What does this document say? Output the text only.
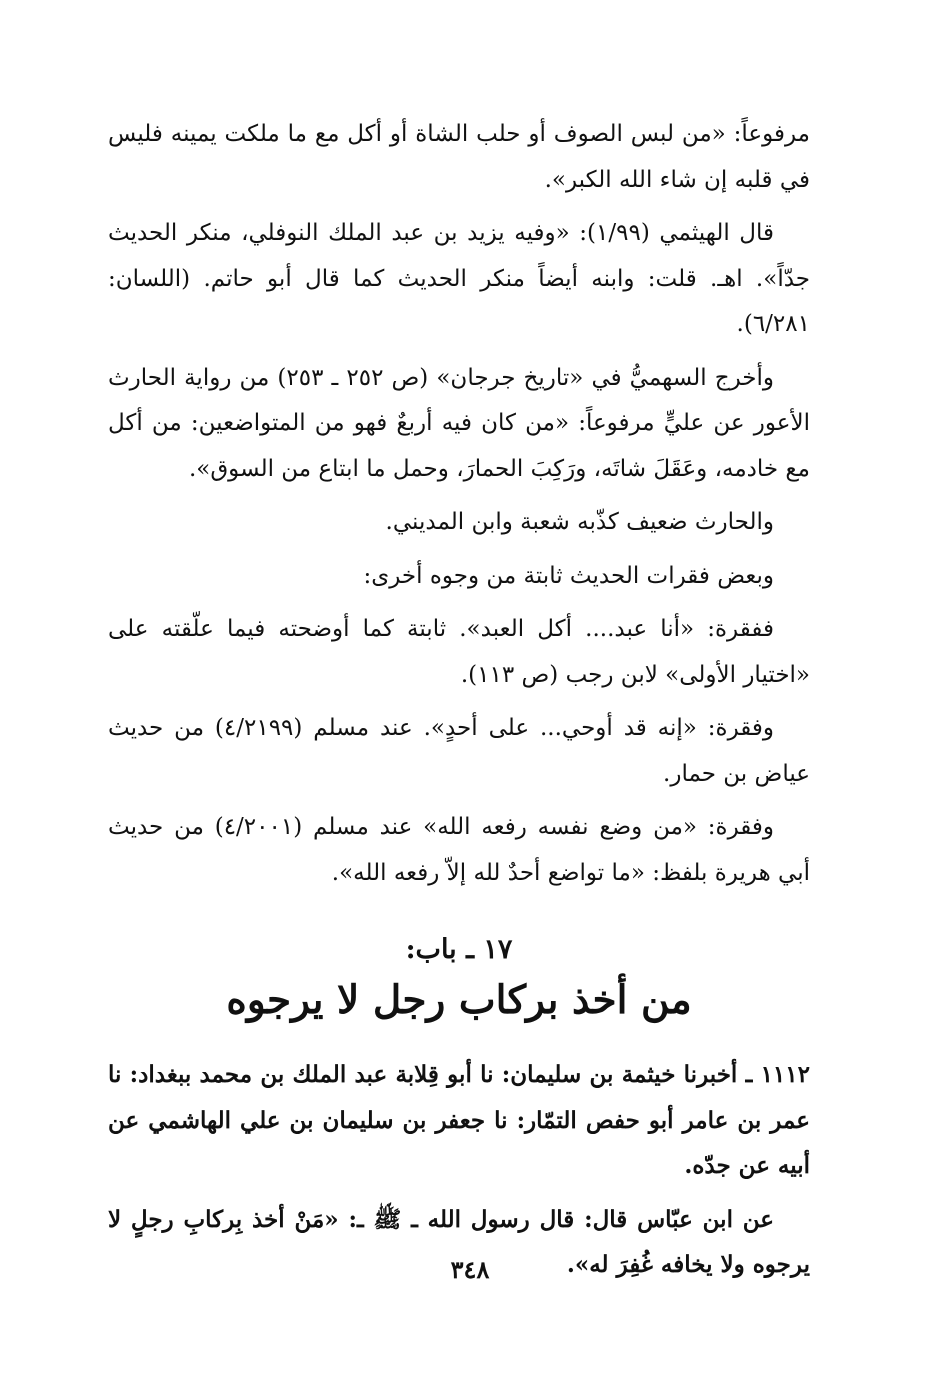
مرفوعاً: «من لبس الصوف أو حلب الشاة أو أكل مع ما ملكت يمينه فليس في قلبه إن شاء الله الكبر».

قال الهيثمي (١/٩٩): «وفيه يزيد بن عبد الملك النوفلي، منكر الحديث جدّاً». اهـ. قلت: وابنه أيضاً منكر الحديث كما قال أبو حاتم. (اللسان: ٦/٢٨١).

وأخرج السهميُّ في «تاريخ جرجان» (ص ٢٥٢ ـ ٢٥٣) من رواية الحارث الأعور عن عليٍّ مرفوعاً: «من كان فيه أربعٌ فهو من المتواضعين: من أكل مع خادمه، وعَقَلَ شاتَه، ورَكِبَ الحمارَ، وحمل ما ابتاع من السوق».

والحارث ضعيف كذّبه شعبة وابن المديني.

وبعض فقرات الحديث ثابتة من وجوه أخرى:

ففقرة: «أنا عبد.... أكل العبد». ثابتة كما أوضحته فيما علّقته على «اختيار الأولى» لابن رجب (ص ١١٣).

وفقرة: «إنه قد أوحي... على أحدٍ». عند مسلم (٤/٢١٩٩) من حديث عياض بن حمار.

وفقرة: «من وضع نفسه رفعه الله» عند مسلم (٤/٢٠٠١) من حديث أبي هريرة بلفظ: «ما تواضع أحدٌ لله إلاّ رفعه الله».

١٧ ـ باب:
من أخذ بركاب رجل لا يرجوه

١١١٢ ـ أخبرنا خيثمة بن سليمان: نا أبو قِلابة عبد الملك بن محمد ببغداد: نا عمر بن عامر أبو حفص التمّار: نا جعفر بن سليمان بن علي الهاشمي عن أبيه عن جدّه.

عن ابن عبّاس قال: قال رسول الله ـ ﷺ ـ: «مَنْ أخذ بِركابِ رجلٍ لا يرجوه ولا يخافه غُفِرَ له».

٣٤٨
